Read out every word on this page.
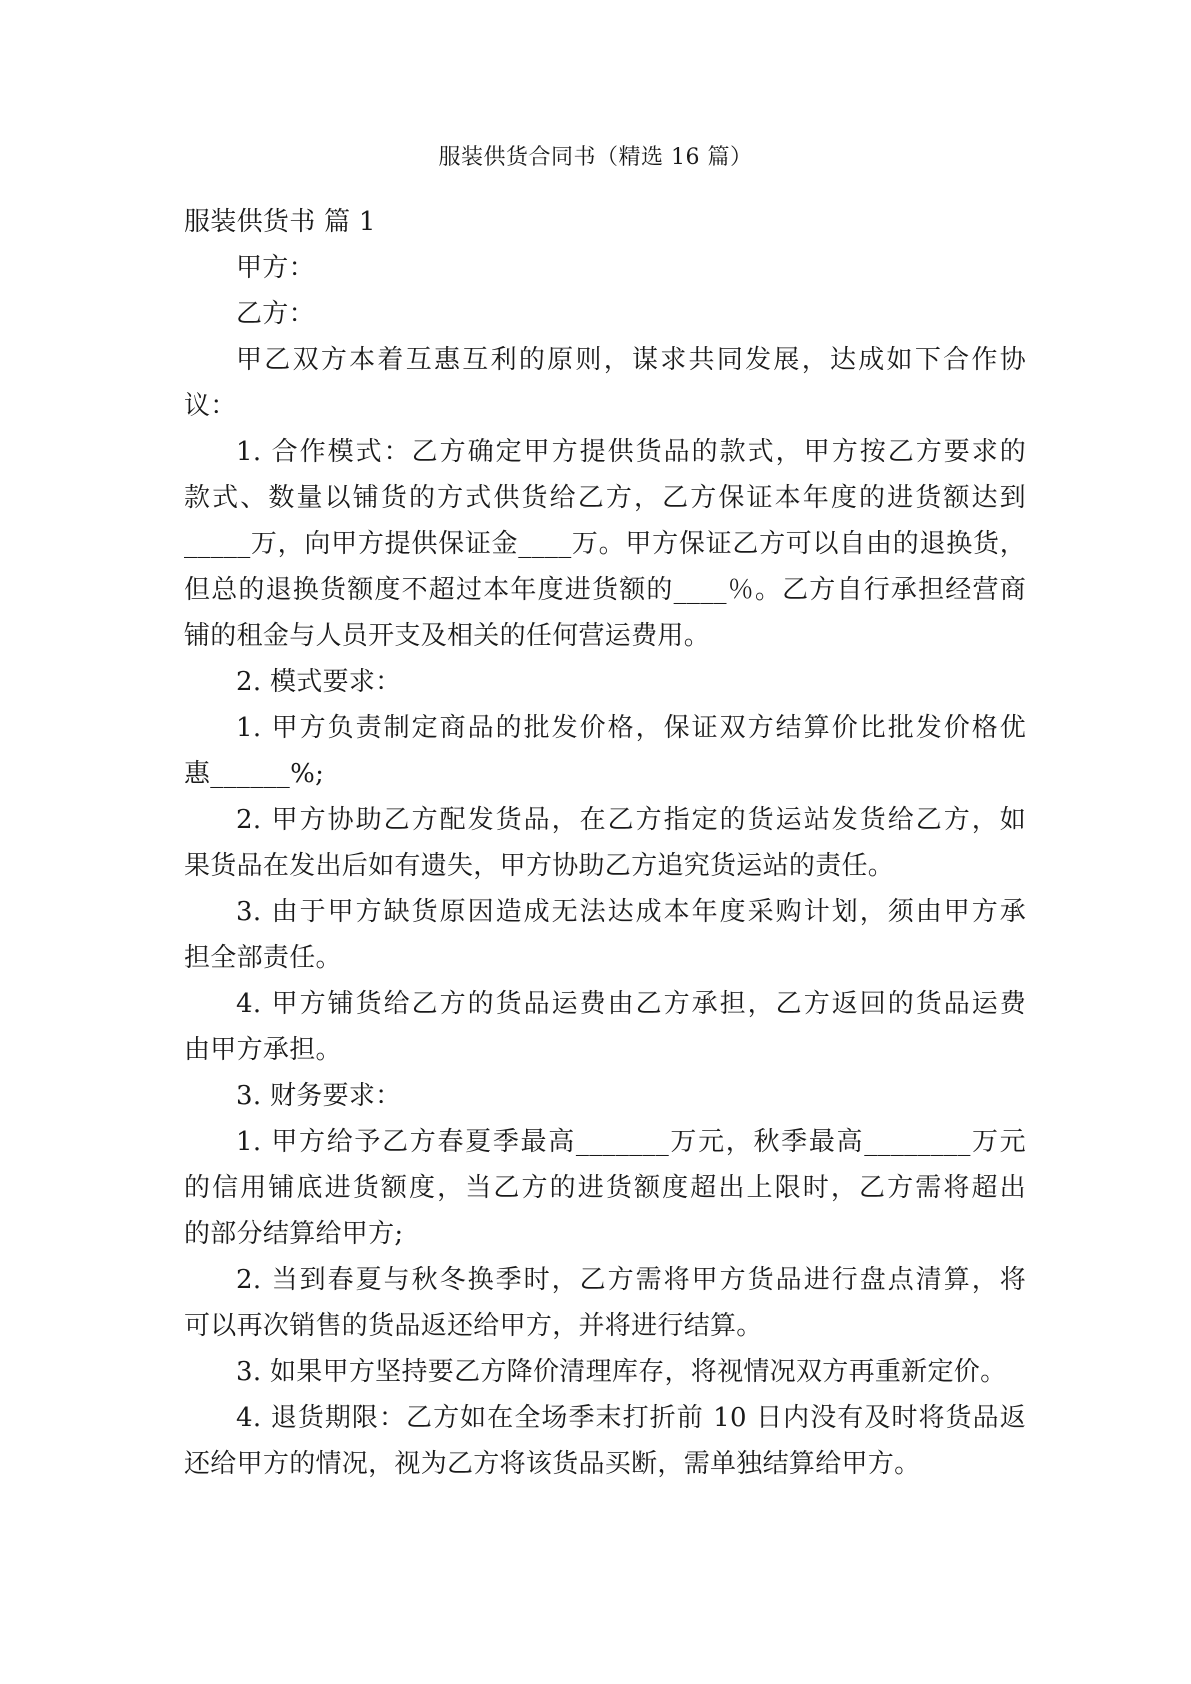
服装供货合同书（精选 16 篇）
服装供货书 篇 1
甲方：
乙方：
甲乙双方本着互惠互利的原则，谋求共同发展，达成如下合作协
议：
1. 合作模式：乙方确定甲方提供货品的款式，甲方按乙方要求的
款式、数量以铺货的方式供货给乙方，乙方保证本年度的进货额达到
_____万，向甲方提供保证金____万。甲方保证乙方可以自由的退换货，
但总的退换货额度不超过本年度进货额的____％。乙方自行承担经营商
铺的租金与人员开支及相关的任何营运费用。
2. 模式要求：
1. 甲方负责制定商品的批发价格，保证双方结算价比批发价格优
惠______%;
2. 甲方协助乙方配发货品，在乙方指定的货运站发货给乙方，如
果货品在发出后如有遗失，甲方协助乙方追究货运站的责任。
3. 由于甲方缺货原因造成无法达成本年度采购计划，须由甲方承
担全部责任。
4. 甲方铺货给乙方的货品运费由乙方承担，乙方返回的货品运费
由甲方承担。
3. 财务要求：
1. 甲方给予乙方春夏季最高_______万元，秋季最高________万元
的信用铺底进货额度，当乙方的进货额度超出上限时，乙方需将超出
的部分结算给甲方;
2. 当到春夏与秋冬换季时，乙方需将甲方货品进行盘点清算，将
可以再次销售的货品返还给甲方，并将进行结算。
3. 如果甲方坚持要乙方降价清理库存，将视情况双方再重新定价。
4. 退货期限：乙方如在全场季末打折前 10 日内没有及时将货品返
还给甲方的情况，视为乙方将该货品买断，需单独结算给甲方。
